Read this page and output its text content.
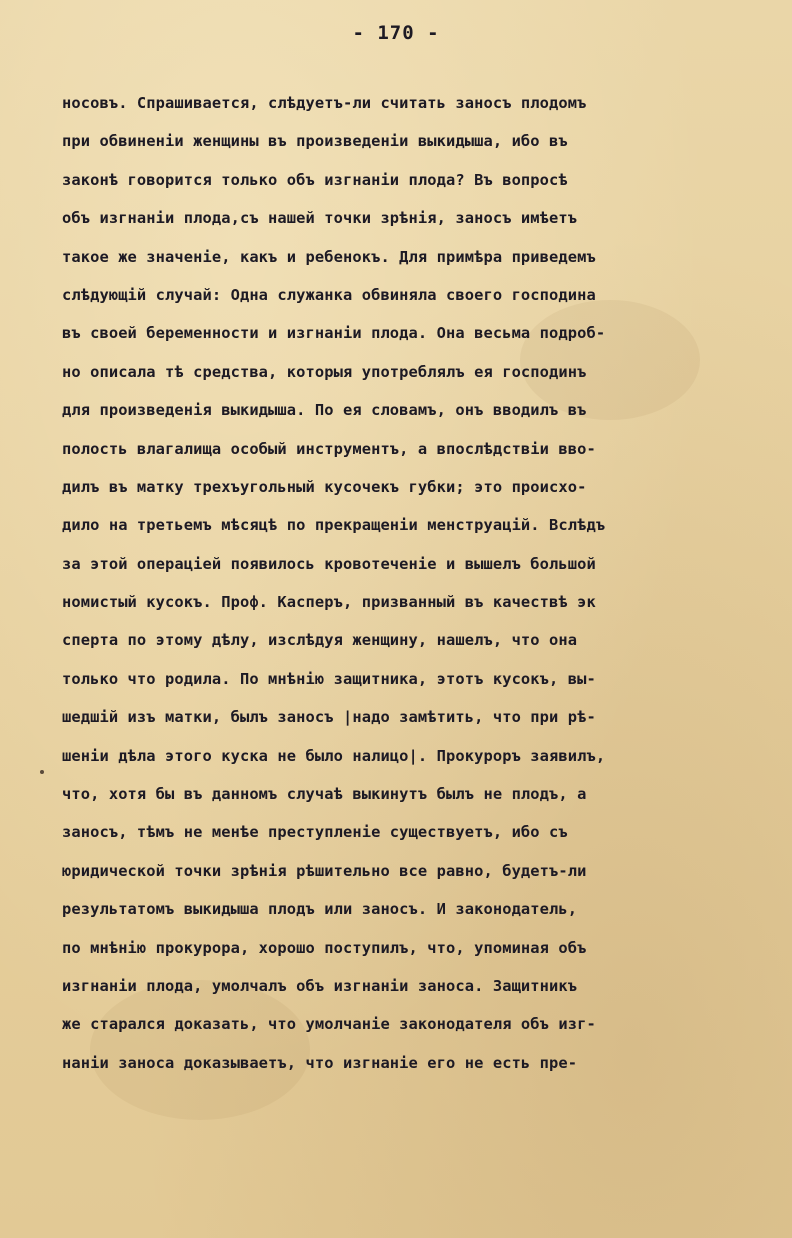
- 170 -
носовъ. Спрашивается, слѣдуетъ-ли считать заносъ плодомъ
при обвиненіи женщины въ произведеніи выкидыша, ибо въ
законѣ говорится только объ изгнаніи плода? Въ вопросѣ
объ изгнаніи плода,съ нашей точки зрѣнія, заносъ имѣетъ
такое же значеніе, какъ и ребенокъ. Для примѣра приведемъ
слѣдующій случай: Одна служанка обвиняла своего господина
въ своей беременности и изгнаніи плода. Она весьма подроб-
но описала тѣ средства, которыя употреблялъ ея господинъ
для произведенія выкидыша. По ея словамъ, онъ вводилъ въ
полость влагалища особый инструментъ, а впослѣдствіи вво-
дилъ въ матку трехъугольный кусочекъ губки; это происхо-
дило на третьемъ мѣсяцѣ по прекращеніи менструацій. Вслѣдъ
за этой операціей появилось кровотеченіе и вышелъ большой
номистый кусокъ. Проф. Касперъ, призванный въ качествѣ эк
сперта по этому дѣлу, изслѣдуя женщину, нашелъ, что она
только что родила. По мнѣнію защитника, этотъ кусокъ, вы-
шедшій изъ матки, былъ заносъ |надо замѣтить, что при рѣ-
шеніи дѣла этого куска не было налицо|. Прокуроръ заявилъ,
что, хотя бы въ данномъ случаѣ выкинутъ былъ не плодъ, а
заносъ, тѣмъ не менѣе преступленіе существуетъ, ибо съ
юридической точки зрѣнія рѣшительно все равно, будетъ-ли
результатомъ выкидыша плодъ или заносъ. И законодатель,
по мнѣнію прокурора, хорошо поступилъ, что, упоминая объ
изгнаніи плода, умолчалъ объ изгнаніи заноса. Защитникъ
же старался доказать, что умолчаніе законодателя объ изг-
наніи заноса доказываетъ, что изгнаніе его не есть пре-
